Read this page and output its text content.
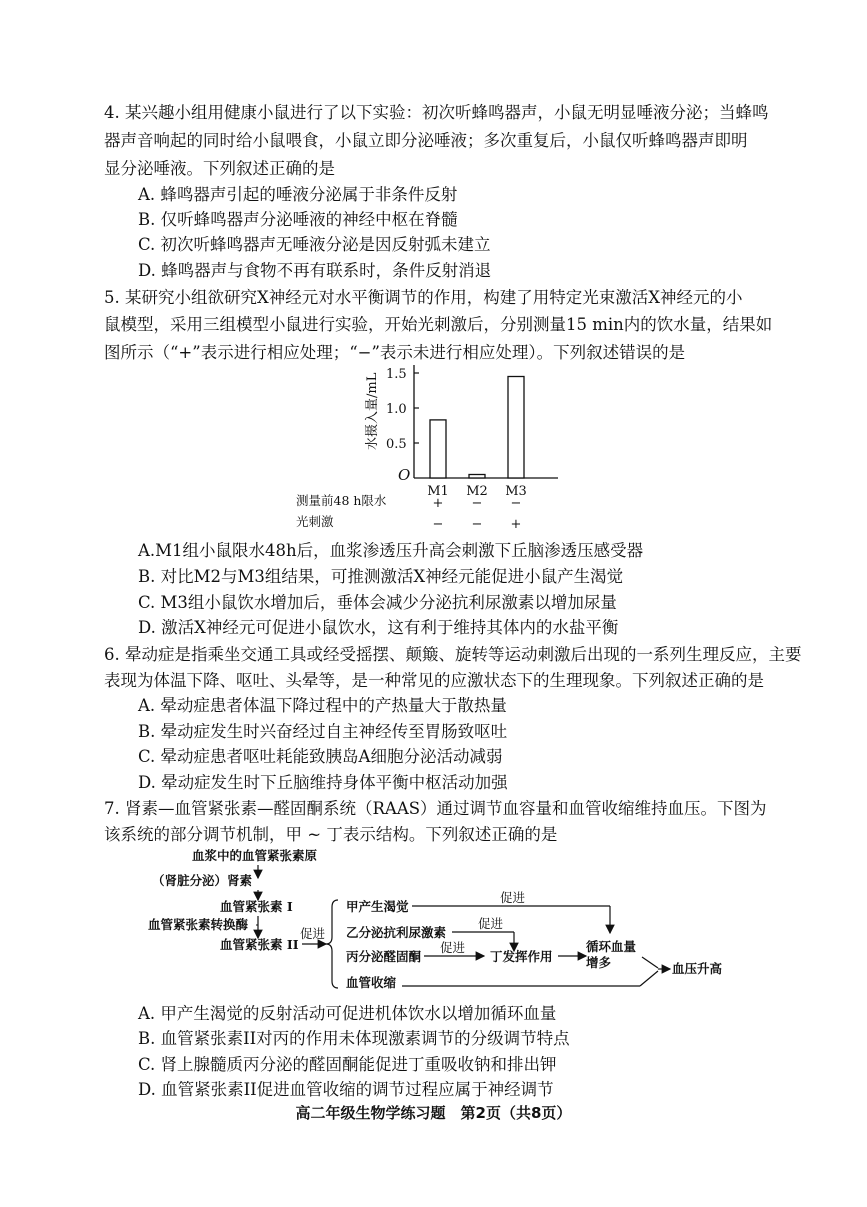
4. 某兴趣小组用健康小鼠进行了以下实验：初次听蜂鸣器声，小鼠无明显唾液分泌；当蜂鸣
器声音响起的同时给小鼠喂食，小鼠立即分泌唾液；多次重复后，小鼠仅听蜂鸣器声即明
显分泌唾液。下列叙述正确的是
A. 蜂鸣器声引起的唾液分泌属于非条件反射
B. 仅听蜂鸣器声分泌唾液的神经中枢在脊髓
C. 初次听蜂鸣器声无唾液分泌是因反射弧未建立
D. 蜂鸣器声与食物不再有联系时，条件反射消退
5. 某研究小组欲研究X神经元对水平衡调节的作用，构建了用特定光束激活X神经元的小
鼠模型，采用三组模型小鼠进行实验，开始光刺激后，分别测量15 min内的饮水量，结果如
图所示（“+”表示进行相应处理；“−”表示未进行相应处理）。下列叙述错误的是
O
水摄入量/mL 1.5
1.0
0.5
M1 M2 M3
测量前48 h限水	+ − −
光刺激	− − +
A.M1组小鼠限水48h后，血浆渗透压升高会刺激下丘脑渗透压感受器
B. 对比M2与M3组结果，可推测激活X神经元能促进小鼠产生渴觉
C. M3组小鼠饮水增加后，垂体会减少分泌抗利尿激素以增加尿量
D. 激活X神经元可促进小鼠饮水，这有利于维持其体内的水盐平衡
6. 晕动症是指乘坐交通工具或经受摇摆、颠簸、旋转等运动刺激后出现的一系列生理反应，主要
表现为体温下降、呕吐、头晕等，是一种常见的应激状态下的生理现象。下列叙述正确的是
A. 晕动症患者体温下降过程中的产热量大于散热量
B. 晕动症发生时兴奋经过自主神经传至胃肠致呕吐
C. 晕动症患者呕吐耗能致胰岛A细胞分泌活动减弱
D. 晕动症发生时下丘脑维持身体平衡中枢活动加强
7. 肾素—血管紧张素—醛固酮系统（RAAS）通过调节血容量和血管收缩维持血压。下图为
该系统的部分调节机制，甲 ~ 丁表示结构。下列叙述正确的是
血浆中的血管紧张素原
（肾脏分泌）肾素
血管紧张素 I
血管紧张素转换酶
血管紧张素 II
促进
甲产生渴觉
促进
乙分泌抗利尿激素
促进
丙分泌醛固酮
促进
丁发挥作用
循环血量
增多
血管收缩
血压升高
A. 甲产生渴觉的反射活动可促进机体饮水以增加循环血量
B. 血管紧张素II对丙的作用未体现激素调节的分级调节特点
C. 肾上腺髓质丙分泌的醛固酮能促进丁重吸收钠和排出钾
D. 血管紧张素II促进血管收缩的调节过程应属于神经调节
高二年级生物学练习题　第2页（共8页）
